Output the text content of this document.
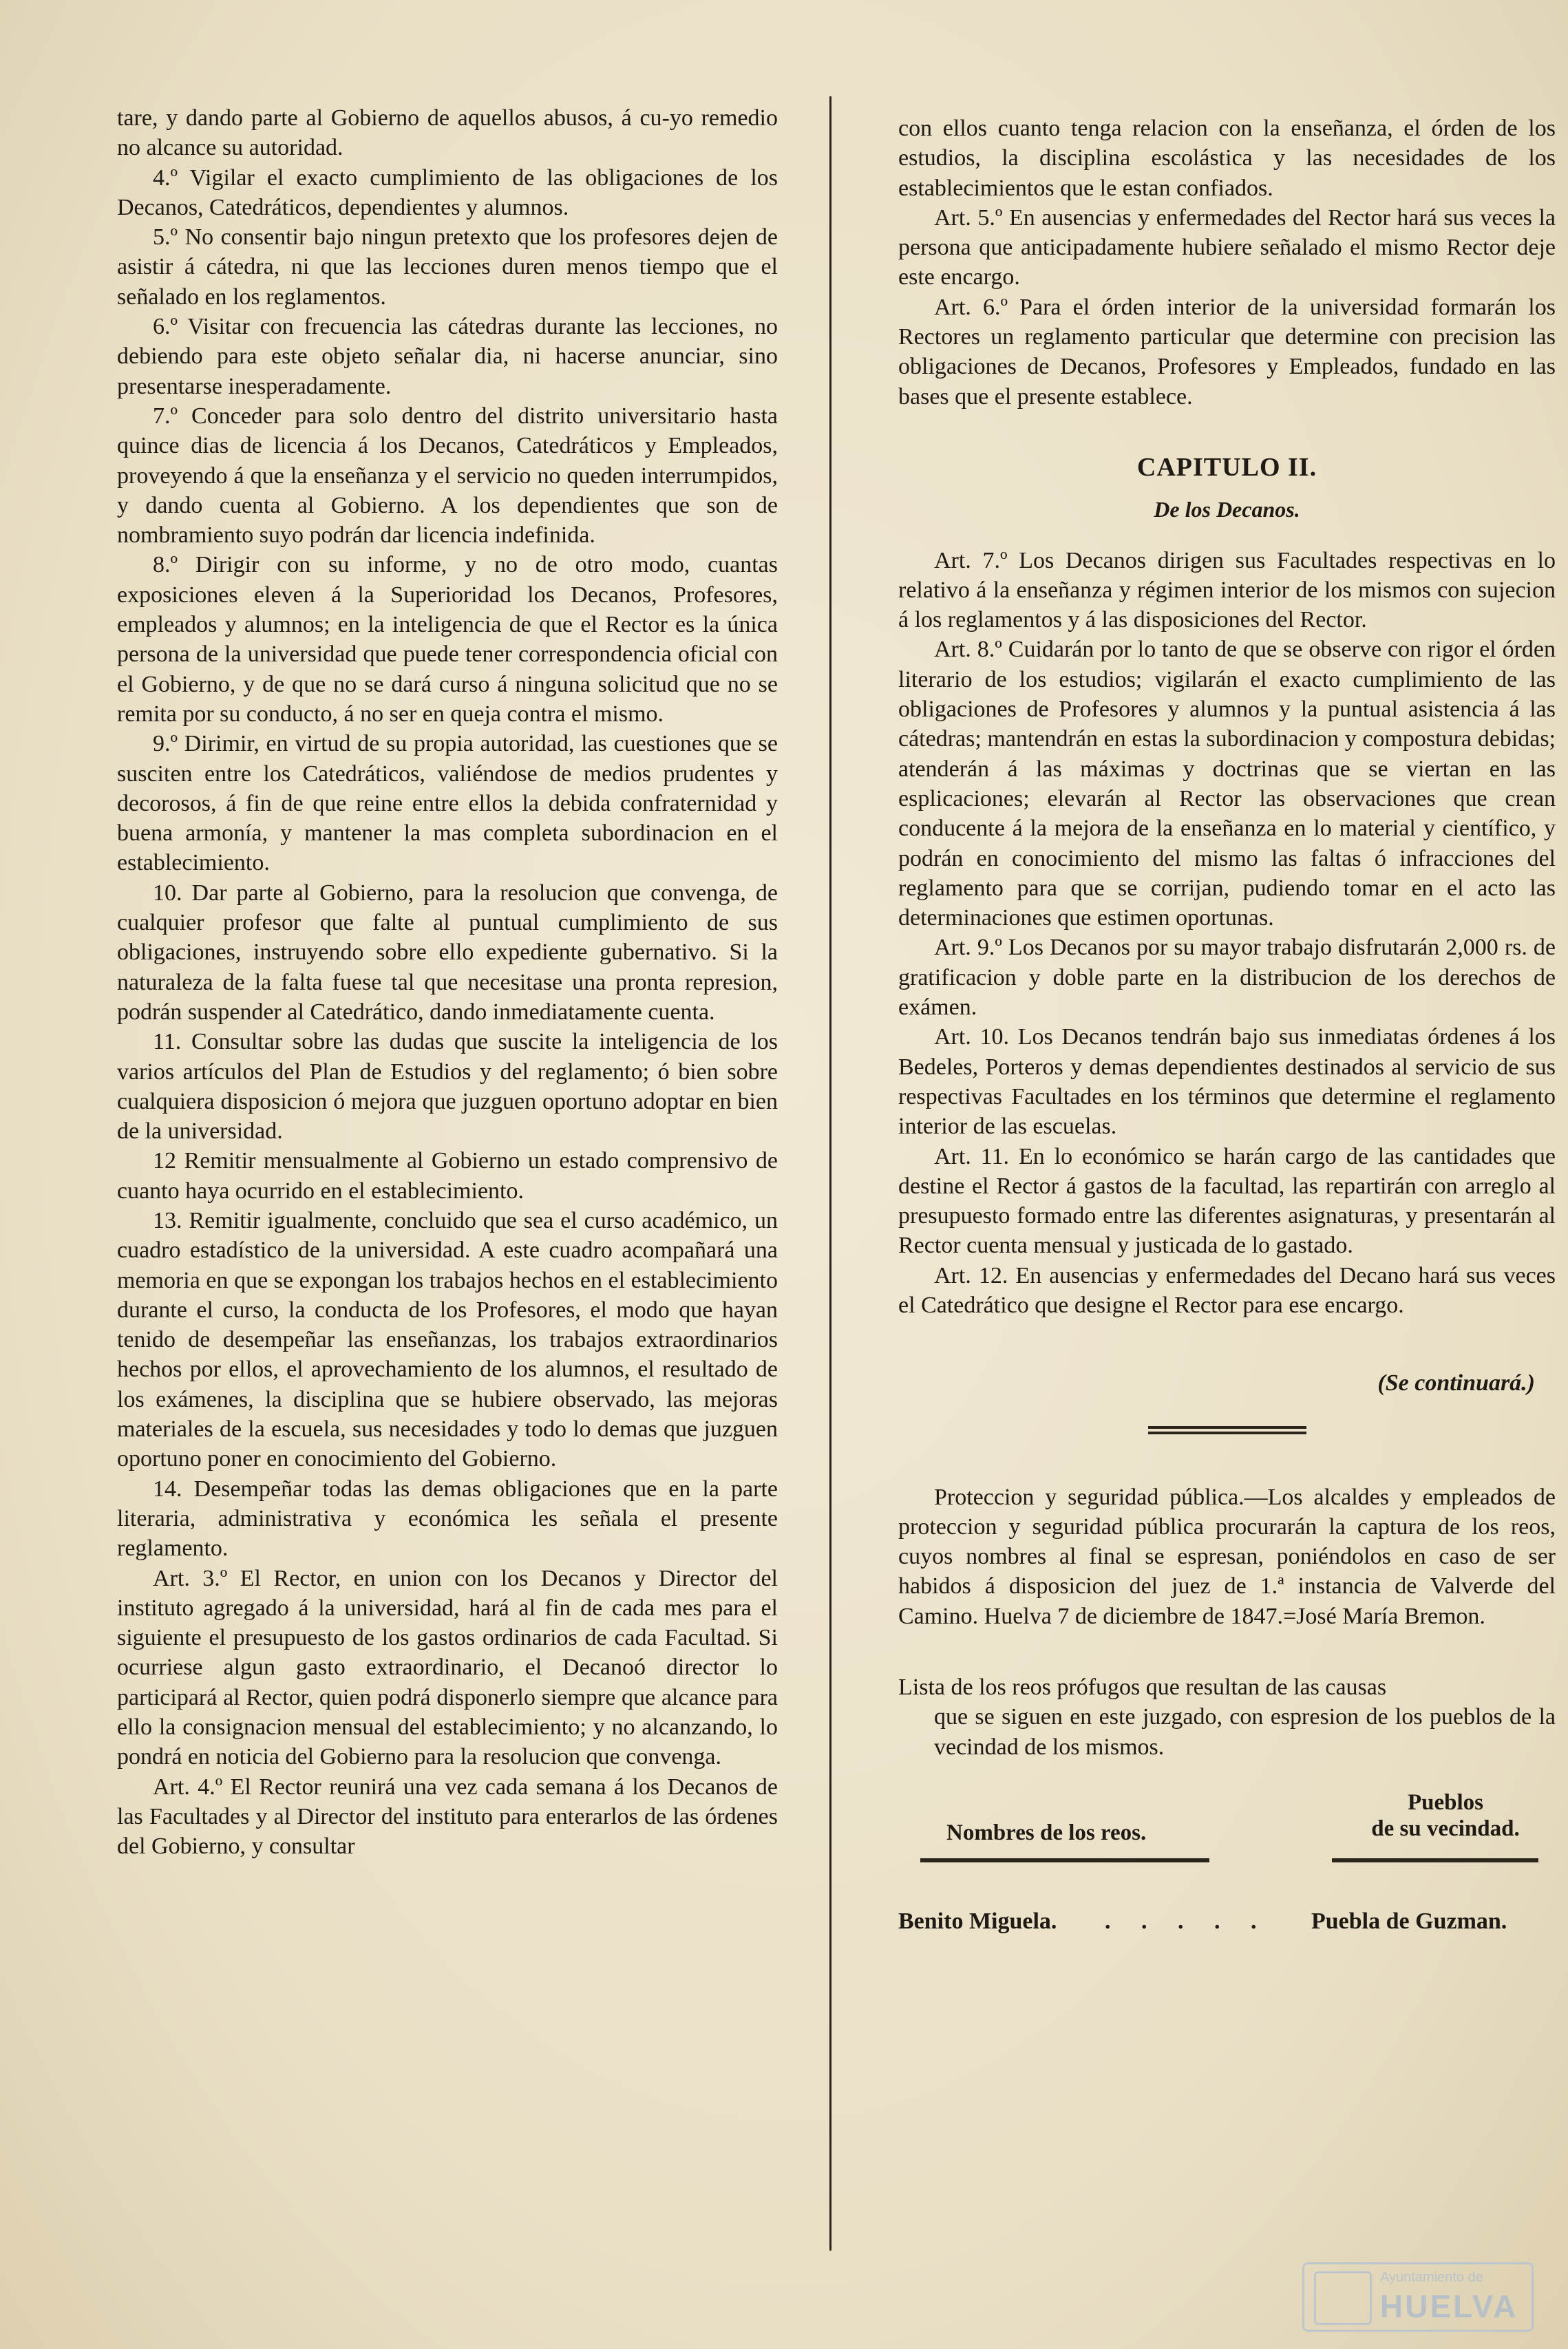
tare, y dando parte al Gobierno de aquellos abusos, á cu-yo remedio no alcance su autoridad.

4.º Vigilar el exacto cumplimiento de las obligaciones de los Decanos, Catedráticos, dependientes y alumnos.

5.º No consentir bajo ningun pretexto que los profesores dejen de asistir á cátedra, ni que las lecciones duren menos tiempo que el señalado en los reglamentos.

6.º Visitar con frecuencia las cátedras durante las lecciones, no debiendo para este objeto señalar dia, ni hacerse anunciar, sino presentarse inesperadamente.

7.º Conceder para solo dentro del distrito universitario hasta quince dias de licencia á los Decanos, Catedráticos y Empleados, proveyendo á que la enseñanza y el servicio no queden interrumpidos, y dando cuenta al Gobierno. A los dependientes que son de nombramiento suyo podrán dar licencia indefinida.

8.º Dirigir con su informe, y no de otro modo, cuantas exposiciones eleven á la Superioridad los Decanos, Profesores, empleados y alumnos; en la inteligencia de que el Rector es la única persona de la universidad que puede tener correspondencia oficial con el Gobierno, y de que no se dará curso á ninguna solicitud que no se remita por su conducto, á no ser en queja contra el mismo.

9.º Dirimir, en virtud de su propia autoridad, las cuestiones que se susciten entre los Catedráticos, valiéndose de medios prudentes y decorosos, á fin de que reine entre ellos la debida confraternidad y buena armonía, y mantener la mas completa subordinacion en el establecimiento.

10. Dar parte al Gobierno, para la resolucion que convenga, de cualquier profesor que falte al puntual cumplimiento de sus obligaciones, instruyendo sobre ello expediente gubernativo. Si la naturaleza de la falta fuese tal que necesitase una pronta represion, podrán suspender al Catedrático, dando inmediatamente cuenta.

11. Consultar sobre las dudas que suscite la inteligencia de los varios artículos del Plan de Estudios y del reglamento; ó bien sobre cualquiera disposicion ó mejora que juzguen oportuno adoptar en bien de la universidad.

12 Remitir mensualmente al Gobierno un estado comprensivo de cuanto haya ocurrido en el establecimiento.

13. Remitir igualmente, concluido que sea el curso académico, un cuadro estadístico de la universidad. A este cuadro acompañará una memoria en que se expongan los trabajos hechos en el establecimiento durante el curso, la conducta de los Profesores, el modo que hayan tenido de desempeñar las enseñanzas, los trabajos extraordinarios hechos por ellos, el aprovechamiento de los alumnos, el resultado de los exámenes, la disciplina que se hubiere observado, las mejoras materiales de la escuela, sus necesidades y todo lo demas que juzguen oportuno poner en conocimiento del Gobierno.

14. Desempeñar todas las demas obligaciones que en la parte literaria, administrativa y económica les señala el presente reglamento.

Art. 3.º El Rector, en union con los Decanos y Director del instituto agregado á la universidad, hará al fin de cada mes para el siguiente el presupuesto de los gastos ordinarios de cada Facultad. Si ocurriese algun gasto extraordinario, el Decanoó director lo participará al Rector, quien podrá disponerlo siempre que alcance para ello la consignacion mensual del establecimiento; y no alcanzando, lo pondrá en noticia del Gobierno para la resolucion que convenga.

Art. 4.º El Rector reunirá una vez cada semana á los Decanos de las Facultades y al Director del instituto para enterarlos de las órdenes del Gobierno, y consultar

con ellos cuanto tenga relacion con la enseñanza, el órden de los estudios, la disciplina escolástica y las necesidades de los establecimientos que le estan confiados.

Art. 5.º En ausencias y enfermedades del Rector hará sus veces la persona que anticipadamente hubiere señalado el mismo Rector deje este encargo.

Art. 6.º Para el órden interior de la universidad formarán los Rectores un reglamento particular que determine con precision las obligaciones de Decanos, Profesores y Empleados, fundado en las bases que el presente establece.

CAPITULO II.
De los Decanos.

Art. 7.º Los Decanos dirigen sus Facultades respectivas en lo relativo á la enseñanza y régimen interior de los mismos con sujecion á los reglamentos y á las disposiciones del Rector.

Art. 8.º Cuidarán por lo tanto de que se observe con rigor el órden literario de los estudios; vigilarán el exacto cumplimiento de las obligaciones de Profesores y alumnos y la puntual asistencia á las cátedras; mantendrán en estas la subordinacion y compostura debidas; atenderán á las máximas y doctrinas que se viertan en las esplicaciones; elevarán al Rector las observaciones que crean conducente á la mejora de la enseñanza en lo material y científico, y podrán en conocimiento del mismo las faltas ó infracciones del reglamento para que se corrijan, pudiendo tomar en el acto las determinaciones que estimen oportunas.

Art. 9.º Los Decanos por su mayor trabajo disfrutarán 2,000 rs. de gratificacion y doble parte en la distribucion de los derechos de exámen.

Art. 10. Los Decanos tendrán bajo sus inmediatas órdenes á los Bedeles, Porteros y demas dependientes destinados al servicio de sus respectivas Facultades en los términos que determine el reglamento interior de las escuelas.

Art. 11. En lo económico se harán cargo de las cantidades que destine el Rector á gastos de la facultad, las repartirán con arreglo al presupuesto formado entre las diferentes asignaturas, y presentarán al Rector cuenta mensual y justicada de lo gastado.

Art. 12. En ausencias y enfermedades del Decano hará sus veces el Catedrático que designe el Rector para ese encargo.

(Se continuará.)

Proteccion y seguridad pública.—Los alcaldes y empleados de proteccion y seguridad pública procurarán la captura de los reos, cuyos nombres al final se espresan, poniéndolos en caso de ser habidos á disposicion del juez de 1.ª instancia de Valverde del Camino. Huelva 7 de diciembre de 1847.=José María Bremon.

Lista de los reos prófugos que resultan de las causas
que se siguen en este juzgado, con espresion de los pueblos de la vecindad de los mismos.

Nombres de los reos.
Pueblos
de su vecindad.
Benito Miguela. . . . . . Puebla de Guzman.
Ayuntamiento de
HUELVA
